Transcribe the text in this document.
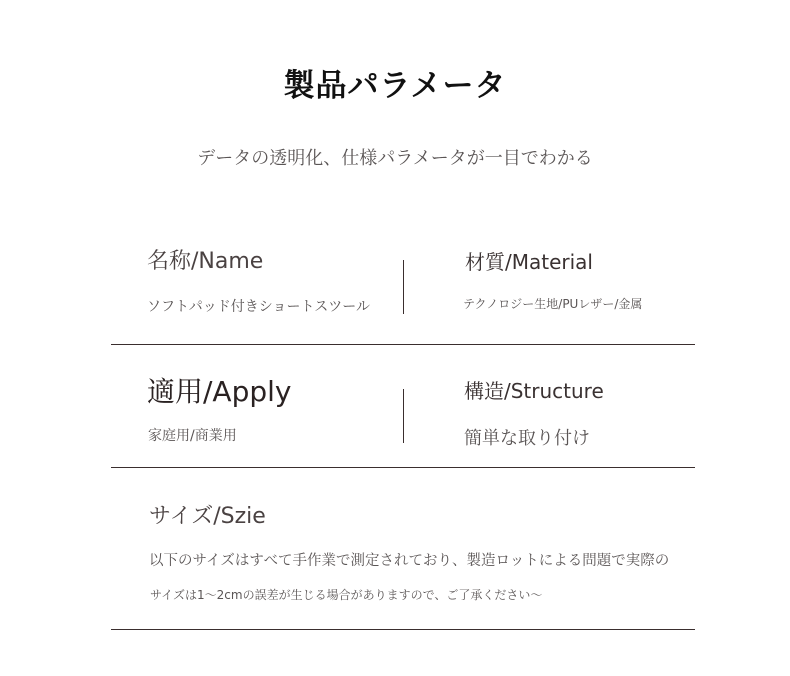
製品パラメータ
データの透明化、仕様パラメータが一目でわかる
名称/Name
ソフトパッド付きショートスツール
材質/Material
テクノロジー生地/PUレザー/金属
適用/Apply
家庭用/商業用
構造/Structure
簡単な取り付け
サイズ/Szie
以下のサイズはすべて手作業で測定されており、製造ロットによる問題で実際の
サイズは1～2cmの誤差が生じる場合がありますので、ご了承ください～
